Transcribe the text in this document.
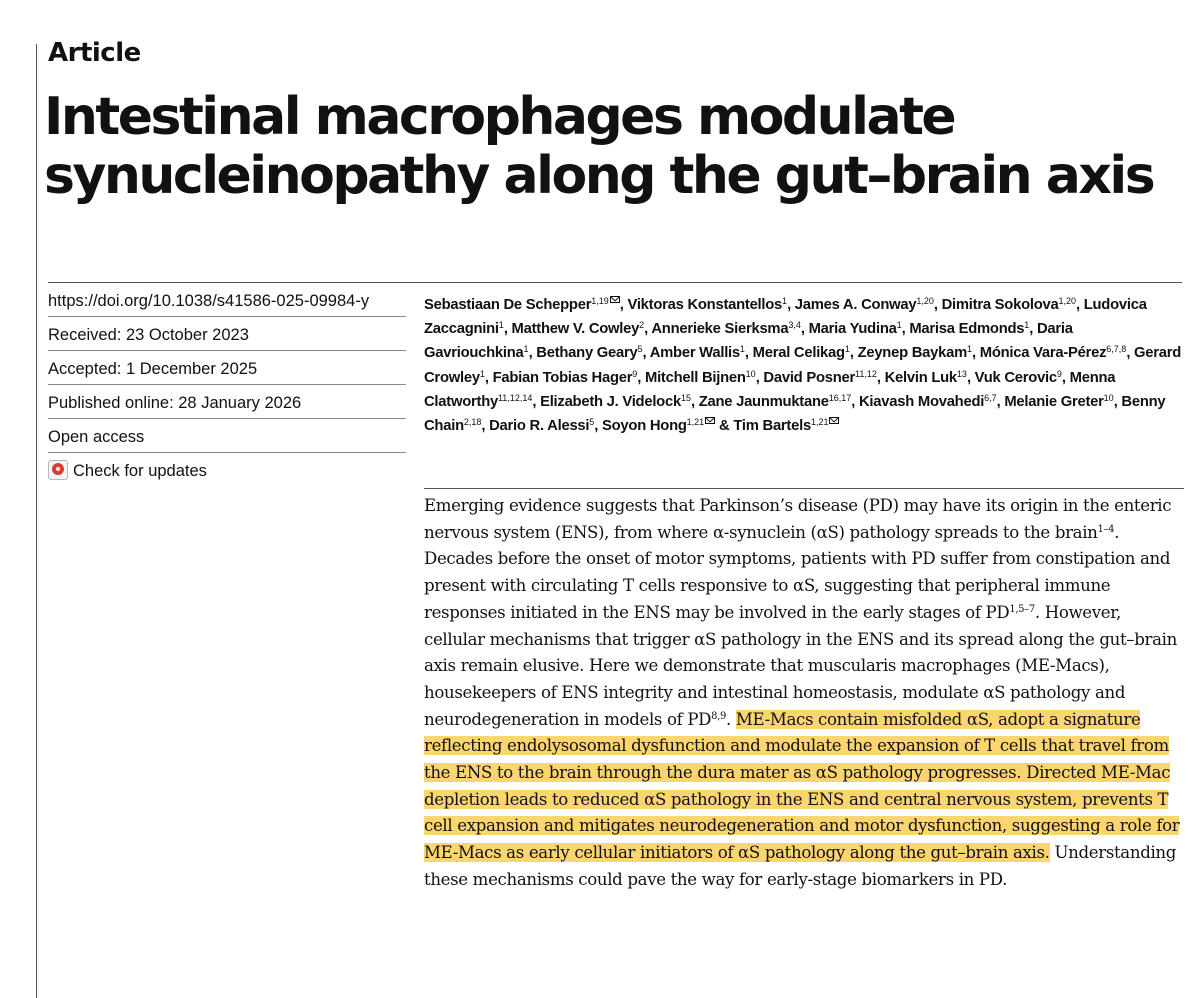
Article
Intestinal macrophages modulate synucleinopathy along the gut–brain axis
https://doi.org/10.1038/s41586-025-09984-y
Received: 23 October 2023
Accepted: 1 December 2025
Published online: 28 January 2026
Open access
Check for updates

Sebastiaan De Schepper$^{1,19}$ , Viktoras Konstantellos$^1$, James A. Conway$^{1,20}$, Dimitra Sokolova$^{1,20}$, Ludovica Zaccagnini$^1$, Matthew V. Cowley$^2$, Annerieke Sierksma$^{3,4}$, Maria Yudina$^1$, Marisa Edmonds$^1$, Daria Gavriouchkina$^1$, Bethany Geary$^5$, Amber Wallis$^1$, Meral Celikag$^1$, Zeynep Baykam$^1$, Mónica Vara-Pérez$^{6,7,8}$, Gerard Crowley$^1$, Fabian Tobias Hager$^9$, Mitchell Bijnen$^{10}$, David Posner$^{11,12}$, Kelvin Luk$^{13}$, Vuk Cerovic$^9$, Menna Clatworthy$^{11,12,14}$, Elizabeth J. Videlock$^{15}$, Zane Jaunmuktane$^{16,17}$, Kiavash Movahedi$^{6,7}$, Melanie Greter$^{10}$, Benny Chain$^{2,18}$, Dario R. Alessi$^5$, Soyon Hong$^{1,21}$ & Tim Bartels$^{1,21}$

Emerging evidence suggests that Parkinson’s disease (PD) may have its origin in the enteric nervous system (ENS), from where α-synuclein (αS) pathology spreads to the brain$^{1-4}$. Decades before the onset of motor symptoms, patients with PD suffer from constipation and present with circulating T cells responsive to αS, suggesting that peripheral immune responses initiated in the ENS may be involved in the early stages of PD$^{1,5-7}$. However, cellular mechanisms that trigger αS pathology in the ENS and its spread along the gut–brain axis remain elusive. Here we demonstrate that muscularis macrophages (ME-Macs), housekeepers of ENS integrity and intestinal homeostasis, modulate αS pathology and neurodegeneration in models of PD$^{8,9}$. ME-Macs contain misfolded αS, adopt a signature reflecting endolysosomal dysfunction and modulate the expansion of T cells that travel from the ENS to the brain through the dura mater as αS pathology progresses. Directed ME-Mac depletion leads to reduced αS pathology in the ENS and central nervous system, prevents T cell expansion and mitigates neurodegeneration and motor dysfunction, suggesting a role for ME-Macs as early cellular initiators of αS pathology along the gut–brain axis. Understanding these mechanisms could pave the way for early-stage biomarkers in PD.
